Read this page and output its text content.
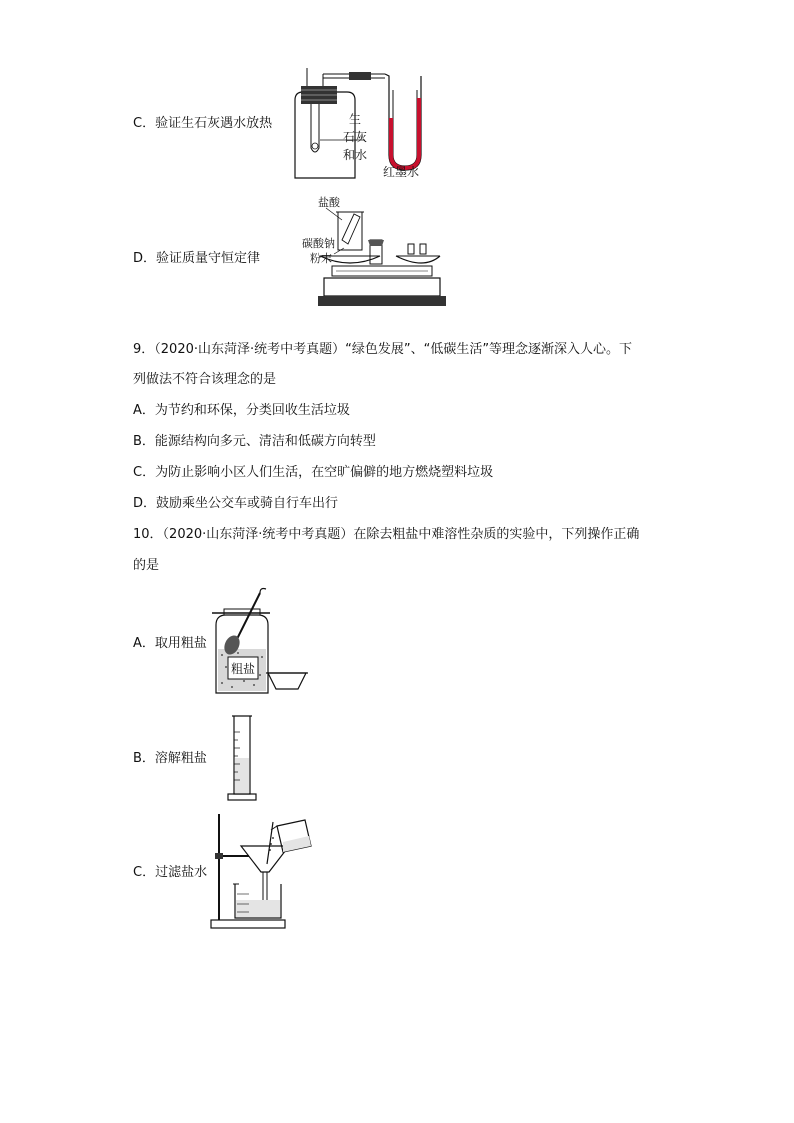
C．验证生石灰遇水放热	生
石灰
和水
红墨水
D．验证质量守恒定律
盐酸
碳酸钠
粉末
9．（2020·山东菏泽·统考中考真题）“绿色发展”、“低碳生活”等理念逐渐深入人心。下
列做法不符合该理念的是
A．为节约和环保，分类回收生活垃圾
B．能源结构向多元、清洁和低碳方向转型
C．为防止影响小区人们生活，在空旷偏僻的地方燃烧塑料垃圾
D．鼓励乘坐公交车或骑自行车出行
10．（2020·山东菏泽·统考中考真题）在除去粗盐中难溶性杂质的实验中，下列操作正确
的是
A．取用粗盐
粗盐
B．溶解粗盐
C．过滤盐水
